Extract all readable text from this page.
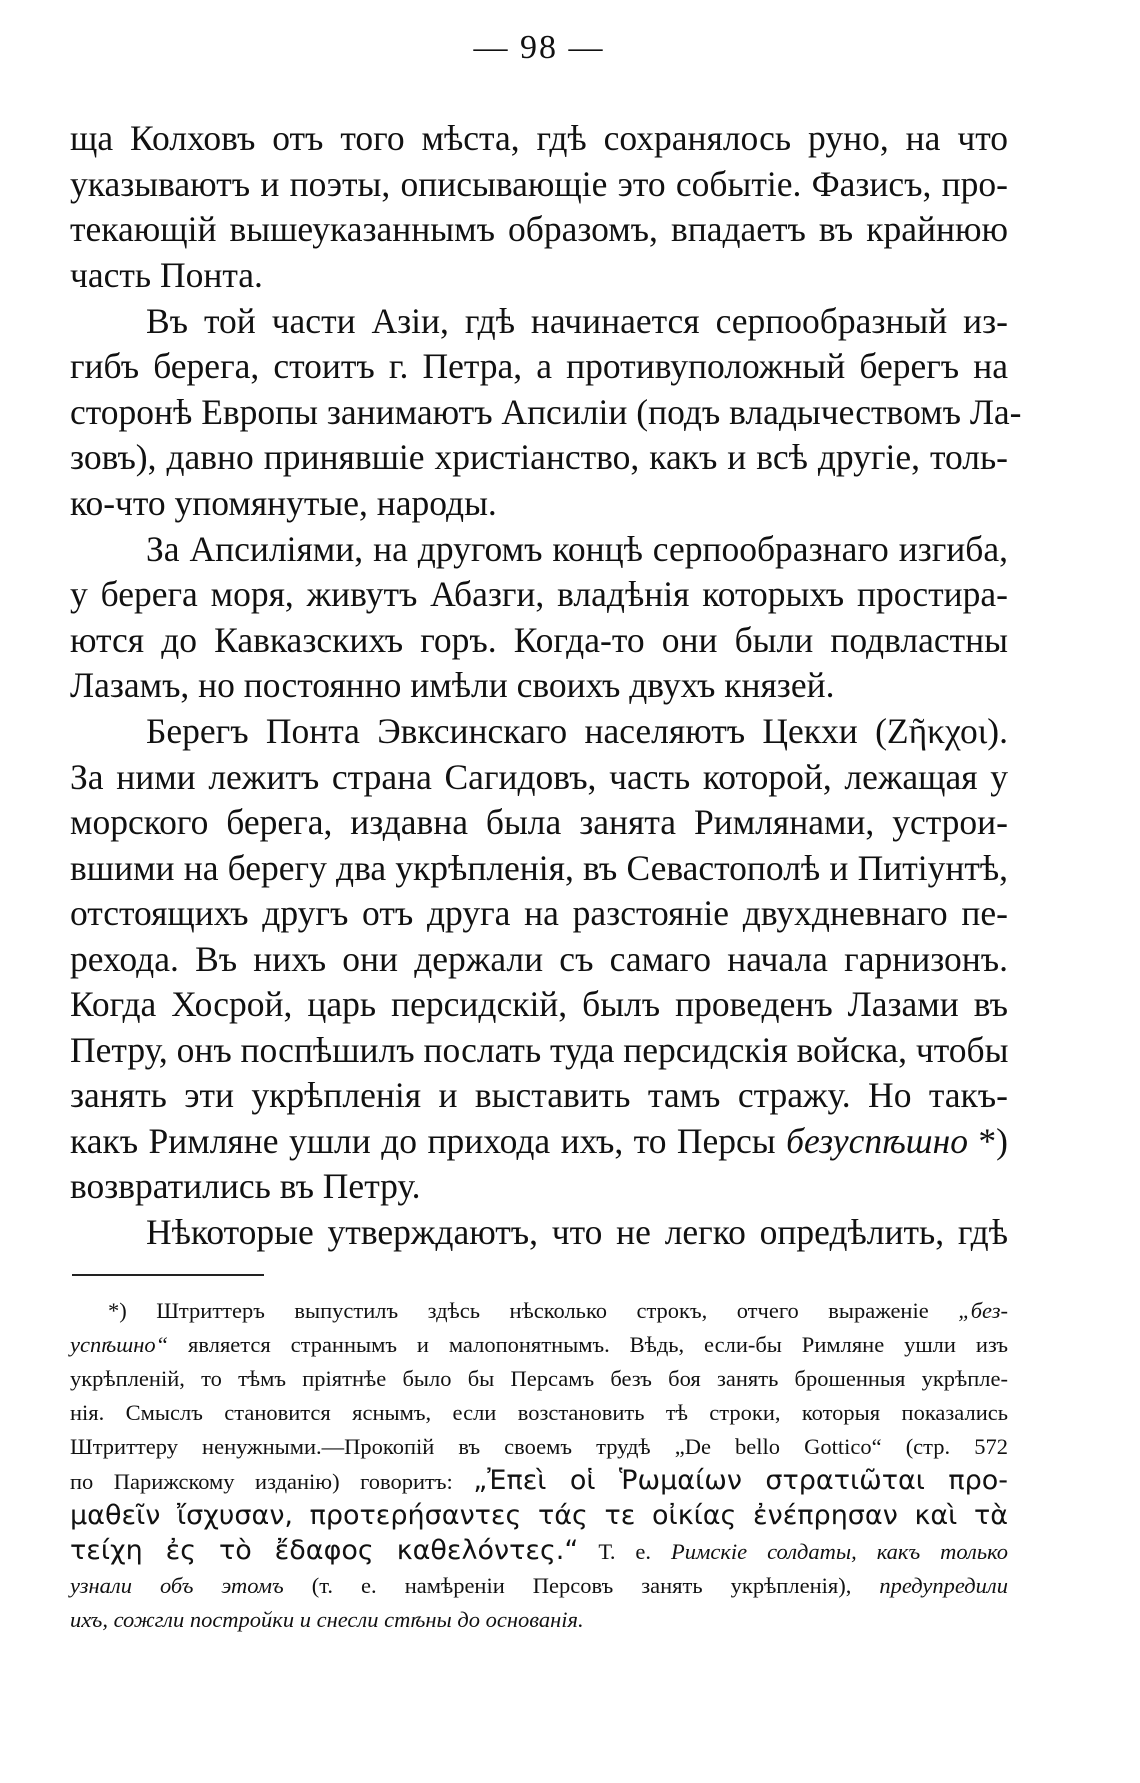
— 98 —
ща Колховъ отъ того мѣста, гдѣ сохранялось руно, на что
указываютъ и поэты, описывающіе это событіе. Фазисъ, про-
текающій вышеуказаннымъ образомъ, впадаетъ въ крайнюю
часть Понта.
Въ той части Азіи, гдѣ начинается серпообразный из-
гибъ берега, стоитъ г. Петра, а противуположный берегъ на
сторонѣ Европы занимаютъ Апсиліи (подъ владычествомъ Ла-
зовъ), давно принявшіе христіанство, какъ и всѣ другіе, толь-
ко-что упомянутые, народы.
За Апсиліями, на другомъ концѣ серпообразнаго изгиба,
у берега моря, живутъ Абазги, владѣнія которыхъ простира-
ются до Кавказскихъ горъ. Когда-то они были подвластны
Лазамъ, но постоянно имѣли своихъ двухъ князей.
Берегъ Понта Эвксинскаго населяютъ Цекхи (Ζῆκχοι).
За ними лежитъ страна Сагидовъ, часть которой, лежащая у
морского берега, издавна была занята Римлянами, устрои-
вшими на берегу два укрѣпленія, въ Севастополѣ и Питіунтѣ,
отстоящихъ другъ отъ друга на разстояніе двухдневнаго пе-
рехода. Въ нихъ они держали съ самаго начала гарнизонъ.
Когда Хосрой, царь персидскій, былъ проведенъ Лазами въ
Петру, онъ поспѣшилъ послать туда персидскія войска, чтобы
занять эти укрѣпленія и выставить тамъ стражу. Но такъ-
какъ Римляне ушли до прихода ихъ, то Персы безуспѣшно *)
возвратились въ Петру.
Нѣкоторые утверждаютъ, что не легко опредѣлить, гдѣ
*) Штриттеръ выпустилъ здѣсь нѣсколько строкъ, отчего выраженіе „без-
успѣшно“ является страннымъ и малопонятнымъ. Вѣдь, если-бы Римляне ушли изъ
укрѣпленій, то тѣмъ пріятнѣе было бы Персамъ безъ боя занять брошенныя укрѣпле-
нія. Смыслъ становится яснымъ, если возстановить тѣ строки, которыя показались
Штриттеру ненужными.—Прокопій въ своемъ трудѣ „De bello Gottico“ (стр. 572
по Парижскому изданію) говоритъ: „Ἐπεὶ οἱ Ῥωμαίων στρατιῶται προ-
μαθεῖν ἴσχυσαν, προτερήσαντες τάς τε οἰκίας ἐνέπρησαν καὶ τὰ
τείχη ἐς τὸ ἔδαφος καθελόντες.“ Т. е. Римскіе солдаты, какъ только
узнали объ этомъ (т. е. намѣреніи Персовъ занять укрѣпленія), предупредили
ихъ, сожгли постройки и снесли стѣны до основанія.
